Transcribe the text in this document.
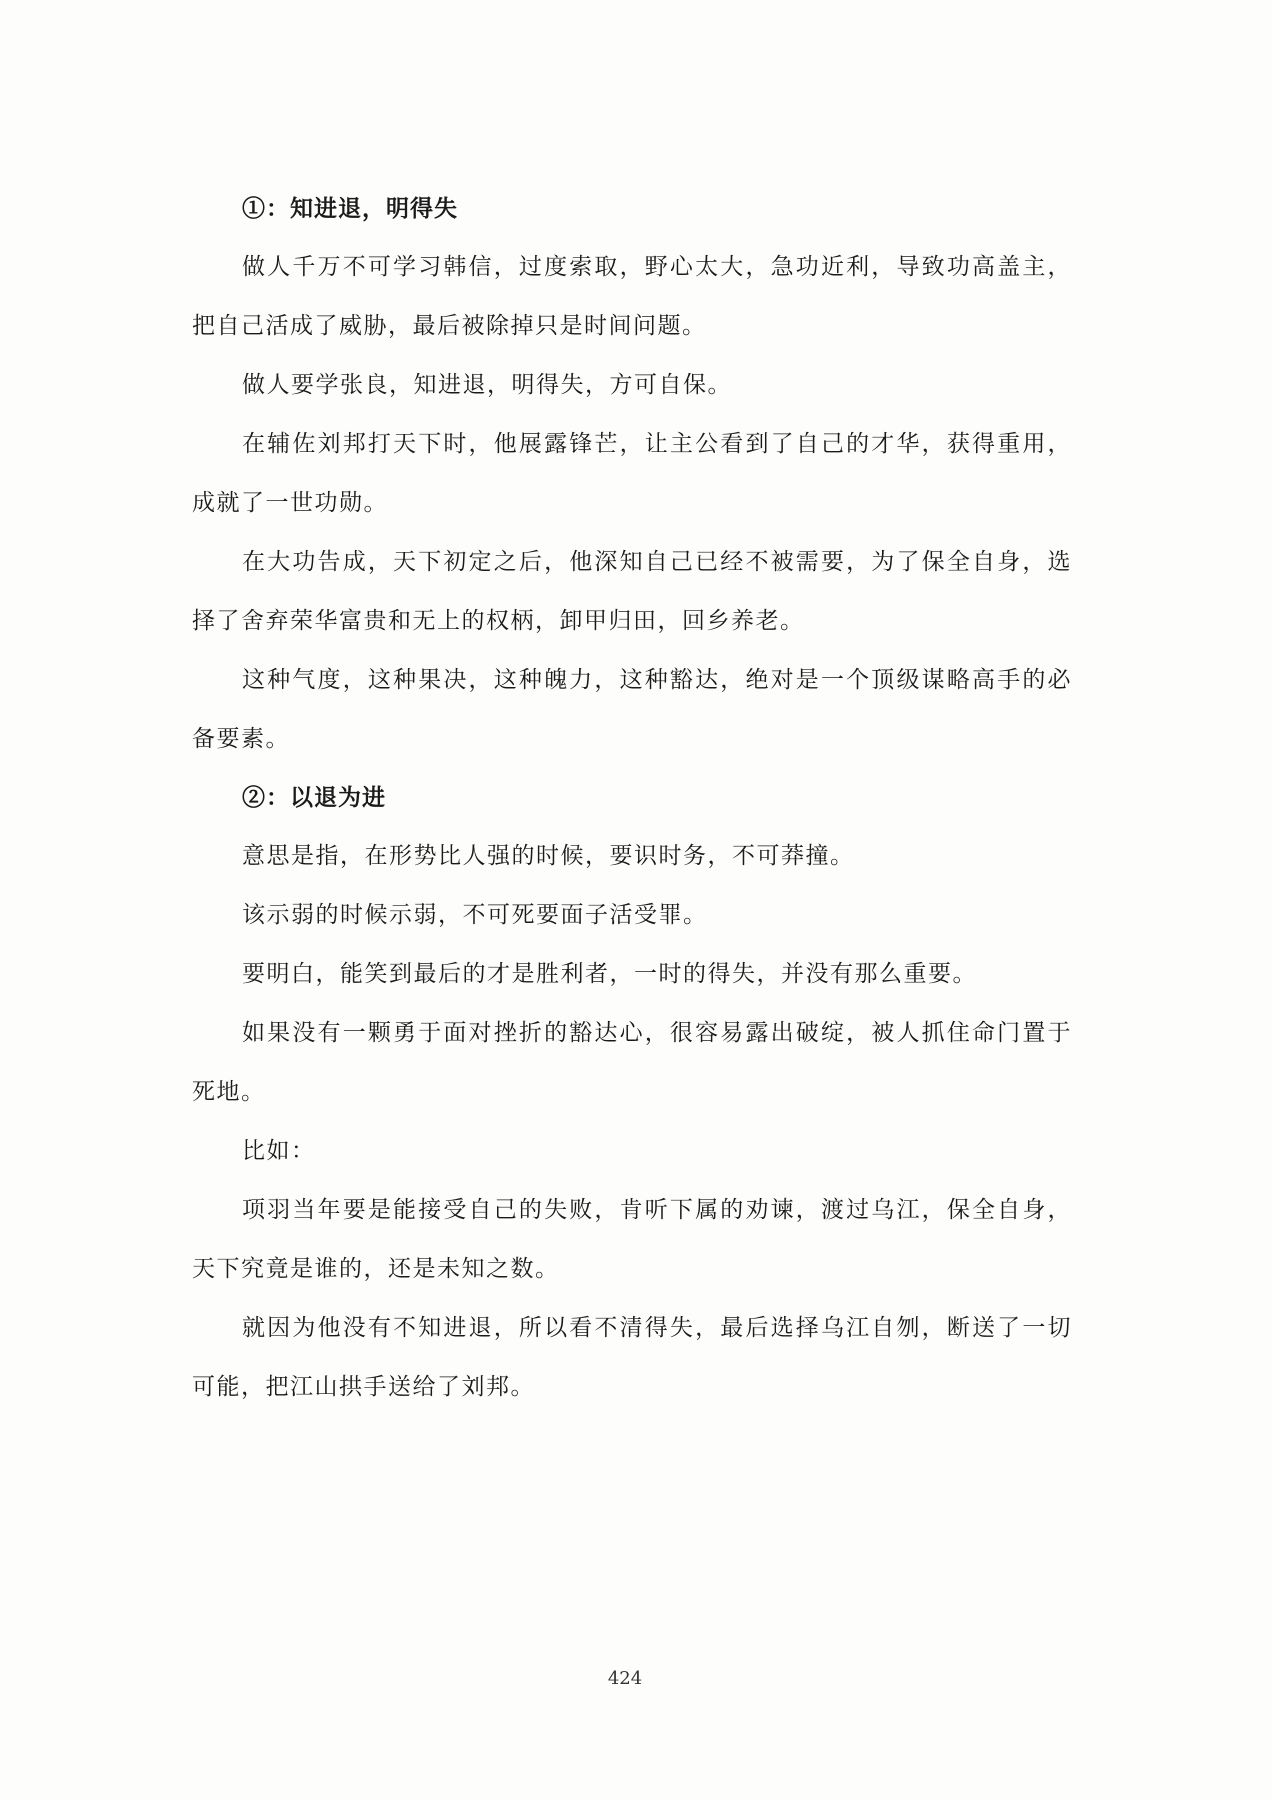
①：知进退，明得失

做人千万不可学习韩信，过度索取，野心太大，急功近利，导致功高盖主，把自己活成了威胁，最后被除掉只是时间问题。

做人要学张良，知进退，明得失，方可自保。

在辅佐刘邦打天下时，他展露锋芒，让主公看到了自己的才华，获得重用，成就了一世功勋。

在大功告成，天下初定之后，他深知自己已经不被需要，为了保全自身，选择了舍弃荣华富贵和无上的权柄，卸甲归田，回乡养老。

这种气度，这种果决，这种魄力，这种豁达，绝对是一个顶级谋略高手的必备要素。

②：以退为进

意思是指，在形势比人强的时候，要识时务，不可莽撞。

该示弱的时候示弱，不可死要面子活受罪。

要明白，能笑到最后的才是胜利者，一时的得失，并没有那么重要。

如果没有一颗勇于面对挫折的豁达心，很容易露出破绽，被人抓住命门置于死地。

比如：

项羽当年要是能接受自己的失败，肯听下属的劝谏，渡过乌江，保全自身，天下究竟是谁的，还是未知之数。

就因为他没有不知进退，所以看不清得失，最后选择乌江自刎，断送了一切可能，把江山拱手送给了刘邦。

424
